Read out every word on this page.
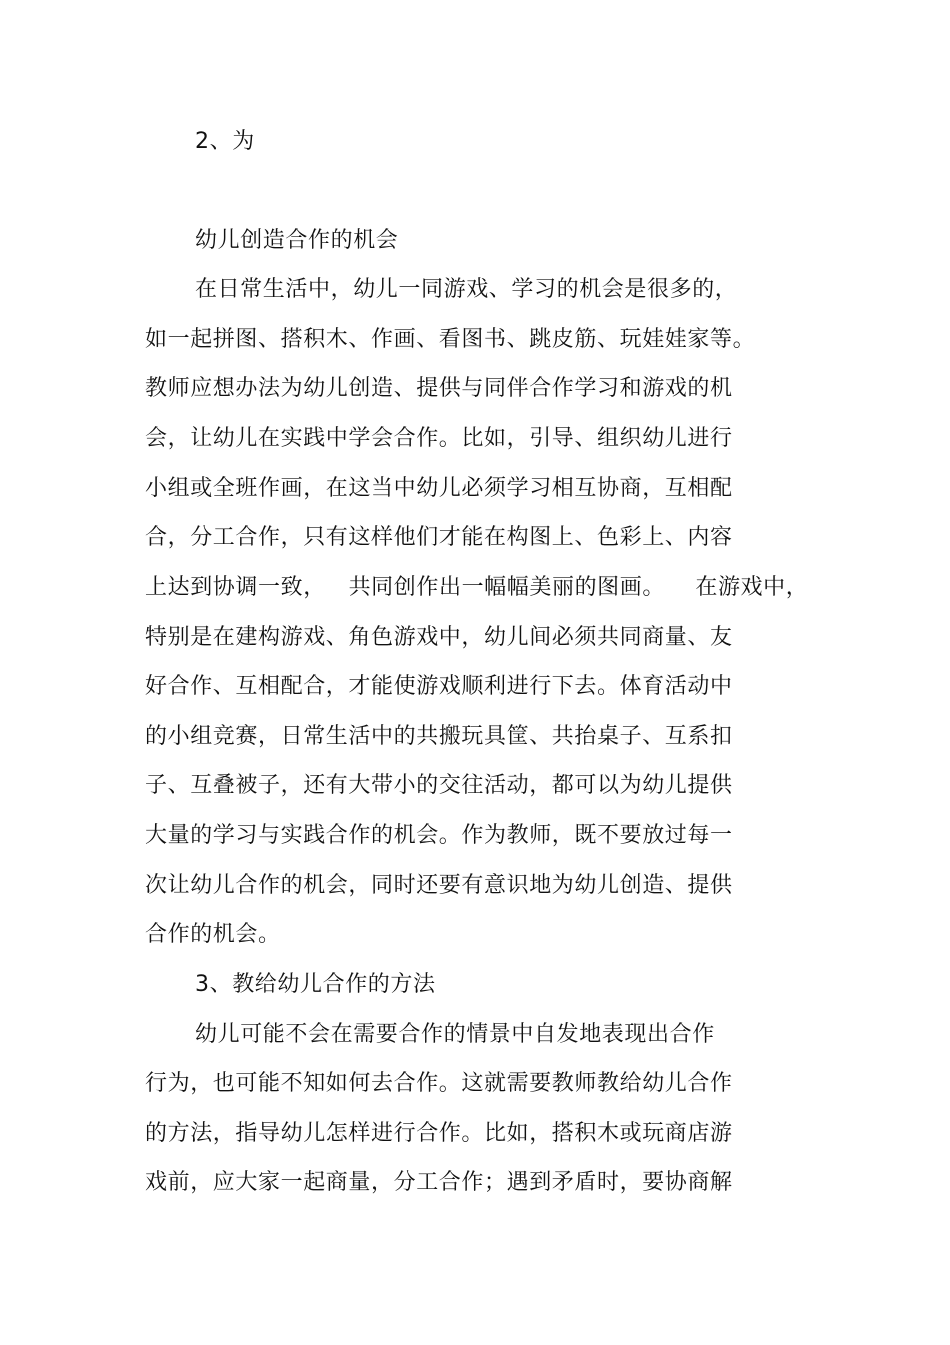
2、为
幼儿创造合作的机会
在日常生活中，幼儿一同游戏、学习的机会是很多的，
如一起拼图、搭积木、作画、看图书、跳皮筋、玩娃娃家等。
教师应想办法为幼儿创造、提供与同伴合作学习和游戏的机
会，让幼儿在实践中学会合作。比如，引导、组织幼儿进行
小组或全班作画，在这当中幼儿必须学习相互协商，互相配
合，分工合作，只有这样他们才能在构图上、色彩上、内容
上达到协调一致，   共同创作出一幅幅美丽的图画。    在游戏中，
特别是在建构游戏、角色游戏中，幼儿间必须共同商量、友
好合作、互相配合，才能使游戏顺利进行下去。体育活动中
的小组竞赛，日常生活中的共搬玩具筐、共抬桌子、互系扣
子、互叠被子，还有大带小的交往活动，都可以为幼儿提供
大量的学习与实践合作的机会。作为教师，既不要放过每一
次让幼儿合作的机会，同时还要有意识地为幼儿创造、提供
合作的机会。
3、教给幼儿合作的方法
幼儿可能不会在需要合作的情景中自发地表现出合作
行为，也可能不知如何去合作。这就需要教师教给幼儿合作
的方法，指导幼儿怎样进行合作。比如，搭积木或玩商店游
戏前，应大家一起商量，分工合作；遇到矛盾时，要协商解
